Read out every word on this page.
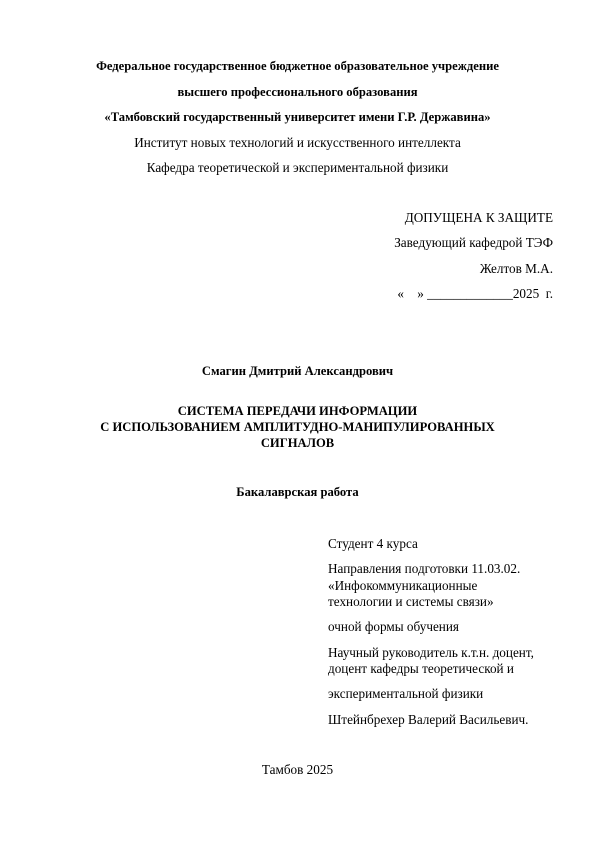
Федеральное государственное бюджетное образовательное учреждение
высшего профессионального образования
«Тамбовский государственный университет имени Г.Р. Державина»
Институт новых технологий и искусственного интеллекта
Кафедра теоретической и экспериментальной физики
ДОПУЩЕНА К ЗАЩИТЕ
Заведующий кафедрой ТЭФ
Желтов М.А.
«    » _____________2025  г.
Смагин Дмитрий Александрович
СИСТЕМА ПЕРЕДАЧИ ИНФОРМАЦИИ
С ИСПОЛЬЗОВАНИЕМ АМПЛИТУДНО-МАНИПУЛИРОВАННЫХ
СИГНАЛОВ
Бакалаврская работа
Студент 4 курса
Направления подготовки 11.03.02.
«Инфокоммуникационные
технологии и системы связи»
очной формы обучения
Научный руководитель к.т.н. доцент,
доцент кафедры теоретической и
экспериментальной физики
Штейнбрехер Валерий Васильевич.
Тамбов 2025
